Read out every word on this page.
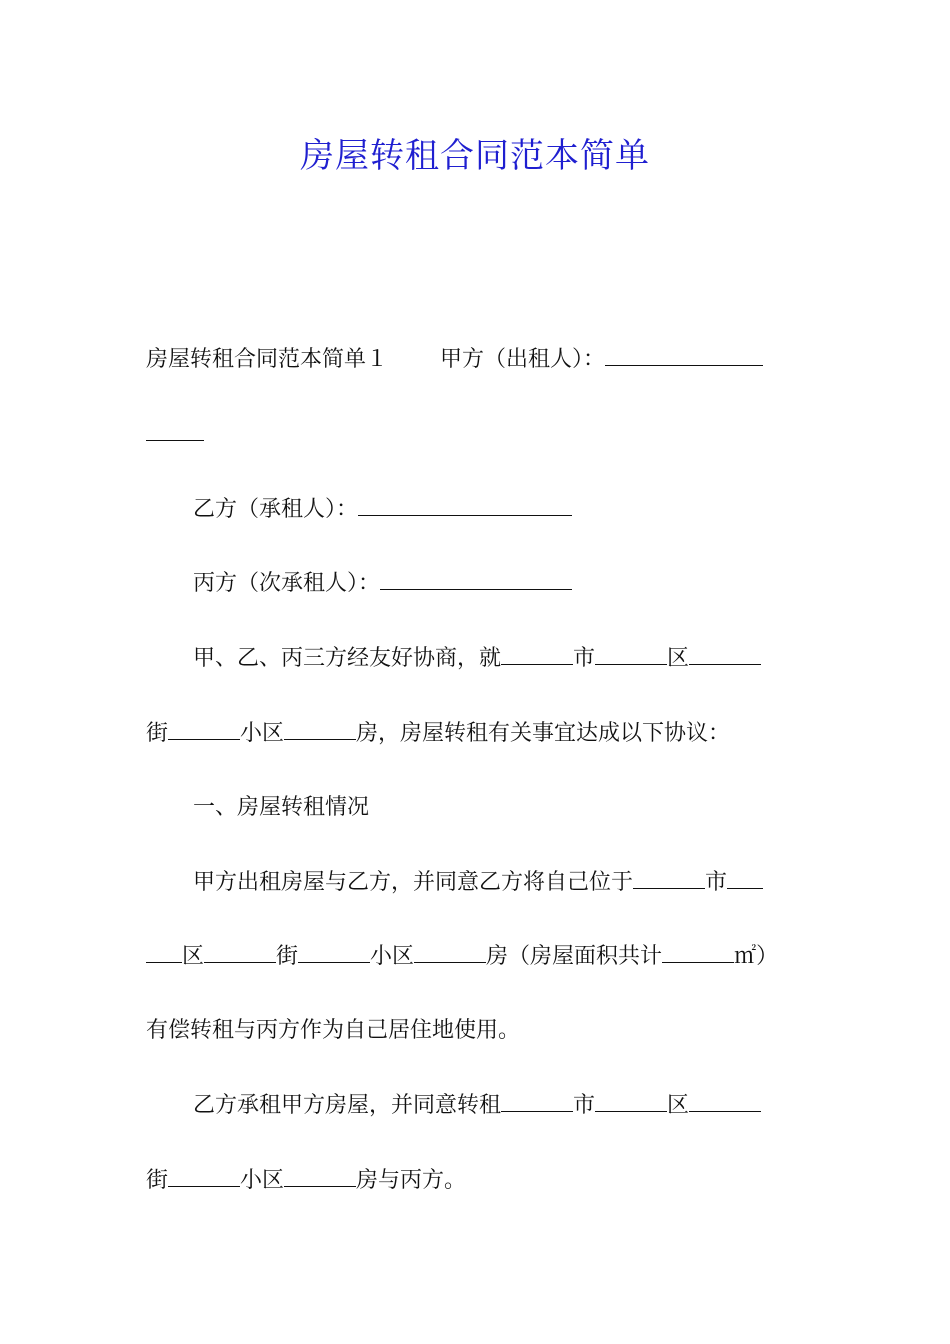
房屋转租合同范本简单
房屋转租合同范本简单１ 甲方（出租人）：
乙方（承租人）：
丙方（次承租人）：
甲、乙、丙三方经友好协商，就	市	区
街	小区	房，房屋转租有关事宜达成以下协议：
一、房屋转租情况
甲方出租房屋与乙方，并同意乙方将自己位于	市
区	街	小区	房（房屋面积共计	㎡）
有偿转租与丙方作为自己居住地使用。
乙方承租甲方房屋，并同意转租	市	区
街	小区	房与丙方。
